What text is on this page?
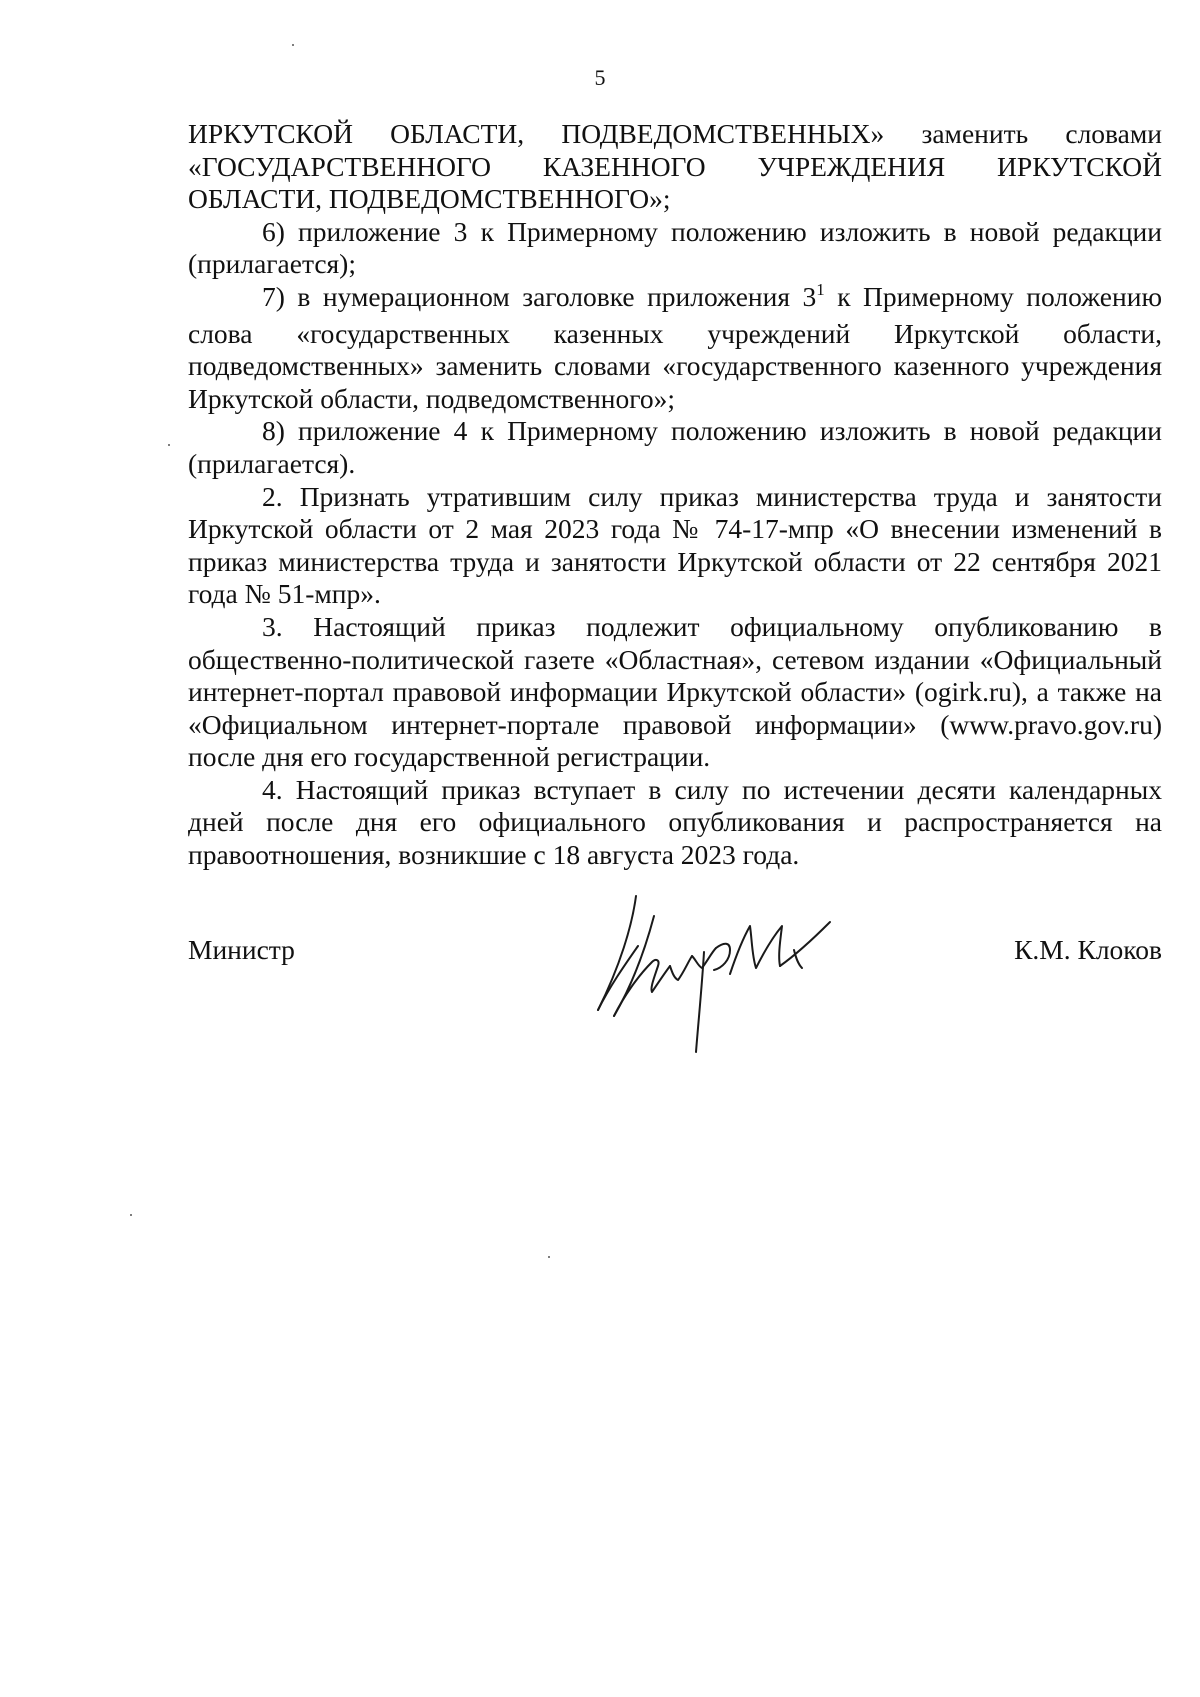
5

ИРКУТСКОЙ ОБЛАСТИ, ПОДВЕДОМСТВЕННЫХ» заменить словами «ГОСУДАРСТВЕННОГО КАЗЕННОГО УЧРЕЖДЕНИЯ ИРКУТСКОЙ ОБЛАСТИ, ПОДВЕДОМСТВЕННОГО»;

6) приложение 3 к Примерному положению изложить в новой редакции (прилагается);

7) в нумерационном заголовке приложения $3^1$ к Примерному положению слова «государственных казенных учреждений Иркутской области, подведомственных» заменить словами «государственного казенного учреждения Иркутской области, подведомственного»;

8) приложение 4 к Примерному положению изложить в новой редакции (прилагается).

2. Признать утратившим силу приказ министерства труда и занятости Иркутской области от 2 мая 2023 года № 74-17-мпр «О внесении изменений в приказ министерства труда и занятости Иркутской области от 22 сентября 2021 года № 51-мпр».

3. Настоящий приказ подлежит официальному опубликованию в общественно-политической газете «Областная», сетевом издании «Официальный интернет-портал правовой информации Иркутской области» (ogirk.ru), а также на «Официальном интернет-портале правовой информации» (www.pravo.gov.ru) после дня его государственной регистрации.

4. Настоящий приказ вступает в силу по истечении десяти календарных дней после дня его официального опубликования и распространяется на правоотношения, возникшие с 18 августа 2023 года.

Министр	К.М. Клоков
